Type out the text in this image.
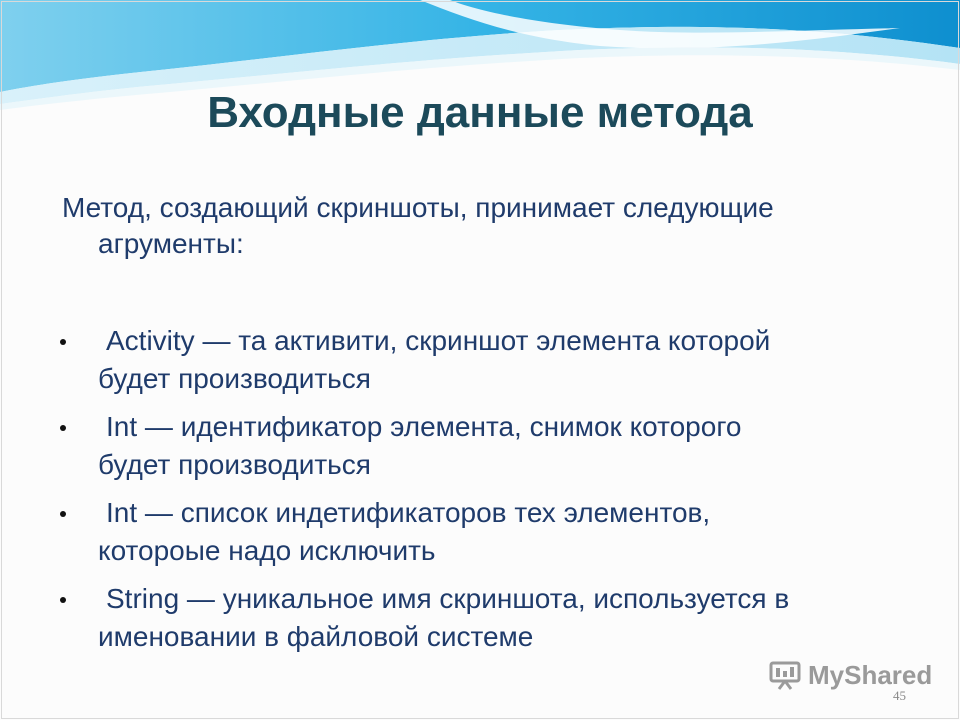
Входные данные метода
Метод, создающий скриншоты, принимает следующие
агрументы:
Activity — та активити, скриншот элемента которой
будет производиться
Int — идентификатор элемента, снимок которого
будет производиться
Int — список индетификаторов тех элементов,
котороые надо исключить
String — уникальное имя скриншота, используется в
именовании в файловой системе
MyShared
45
